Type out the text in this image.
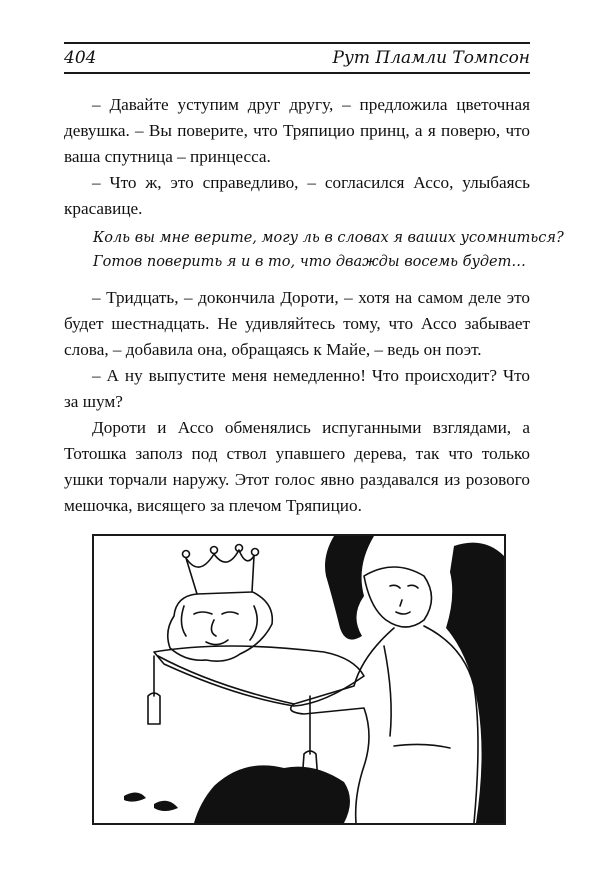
404	Рут Пламли Томпсон

– Давайте уступим друг другу, – предложила цветочная девушка. – Вы поверите, что Тряпицио принц, а я поверю, что ваша спутница – принцесса.

– Что ж, это справедливо, – согласился Ассо, улыбаясь красавице.

Коль вы мне верите, могу ль в словах я ваших усомниться?
Готов поверить я и в то, что дважды восемь будет…

– Тридцать, – докончила Дороти, – хотя на самом деле это будет шестнадцать. Не удивляйтесь тому, что Ассо забывает слова, – добавила она, обращаясь к Майе, – ведь он поэт.

– А ну выпустите меня немедленно! Что происходит? Что за шум?

Дороти и Ассо обменялись испуганными взглядами, а Тотошка заполз под ствол упавшего дерева, так что только ушки торчали наружу. Этот голос явно раздавался из розового мешочка, висящего за плечом Тряпицио.
